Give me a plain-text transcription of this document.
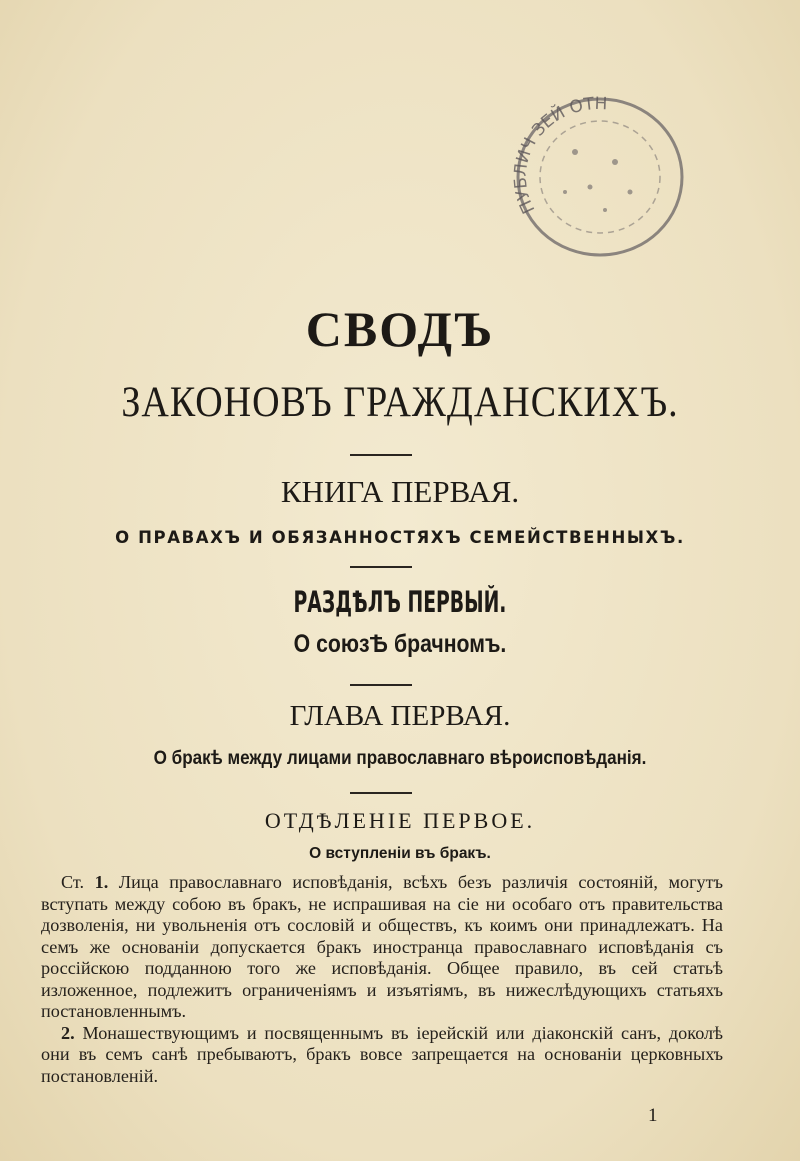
ПУБЛИЧ ЗЕЙ ОТН
СВОДЪ
ЗАКОНОВЪ ГРАЖДАНСКИХЪ.
КНИГА ПЕРВАЯ.
О ПРАВАХЪ И ОБЯЗАННОСТЯХЪ СЕМЕЙСТВЕННЫХЪ.
РАЗДѢЛЪ ПЕРВЫЙ.
О союзѢ брачномъ.
ГЛАВА ПЕРВАЯ.
О бракѣ между лицами православнаго вѣроисповѣданія.
ОТДѢЛЕНІЕ ПЕРВОЕ.
О вступленіи въ бракъ.

Ст. 1. Лица православнаго исповѣданія, всѣхъ безъ различія состояній, могутъ вступать между собою въ бракъ, не испрашивая на сіе ни особаго отъ правительства дозволенія, ни увольненія отъ сословій и обществъ, къ коимъ они принадлежатъ. На семъ же основаніи допускается бракъ иностранца православнаго исповѣданія съ россійскою подданною того же исповѣданія. Общее правило, въ сей статьѣ изложенное, подлежитъ ограниченіямъ и изъятіямъ, въ нижеслѣдующихъ статьяхъ постановленнымъ.

2. Монашествующимъ и посвященнымъ въ іерейскій или діаконскій санъ, доколѣ они въ семъ санѣ пребываютъ, бракъ вовсе запрещается на основаніи церковныхъ постановленій.

1
